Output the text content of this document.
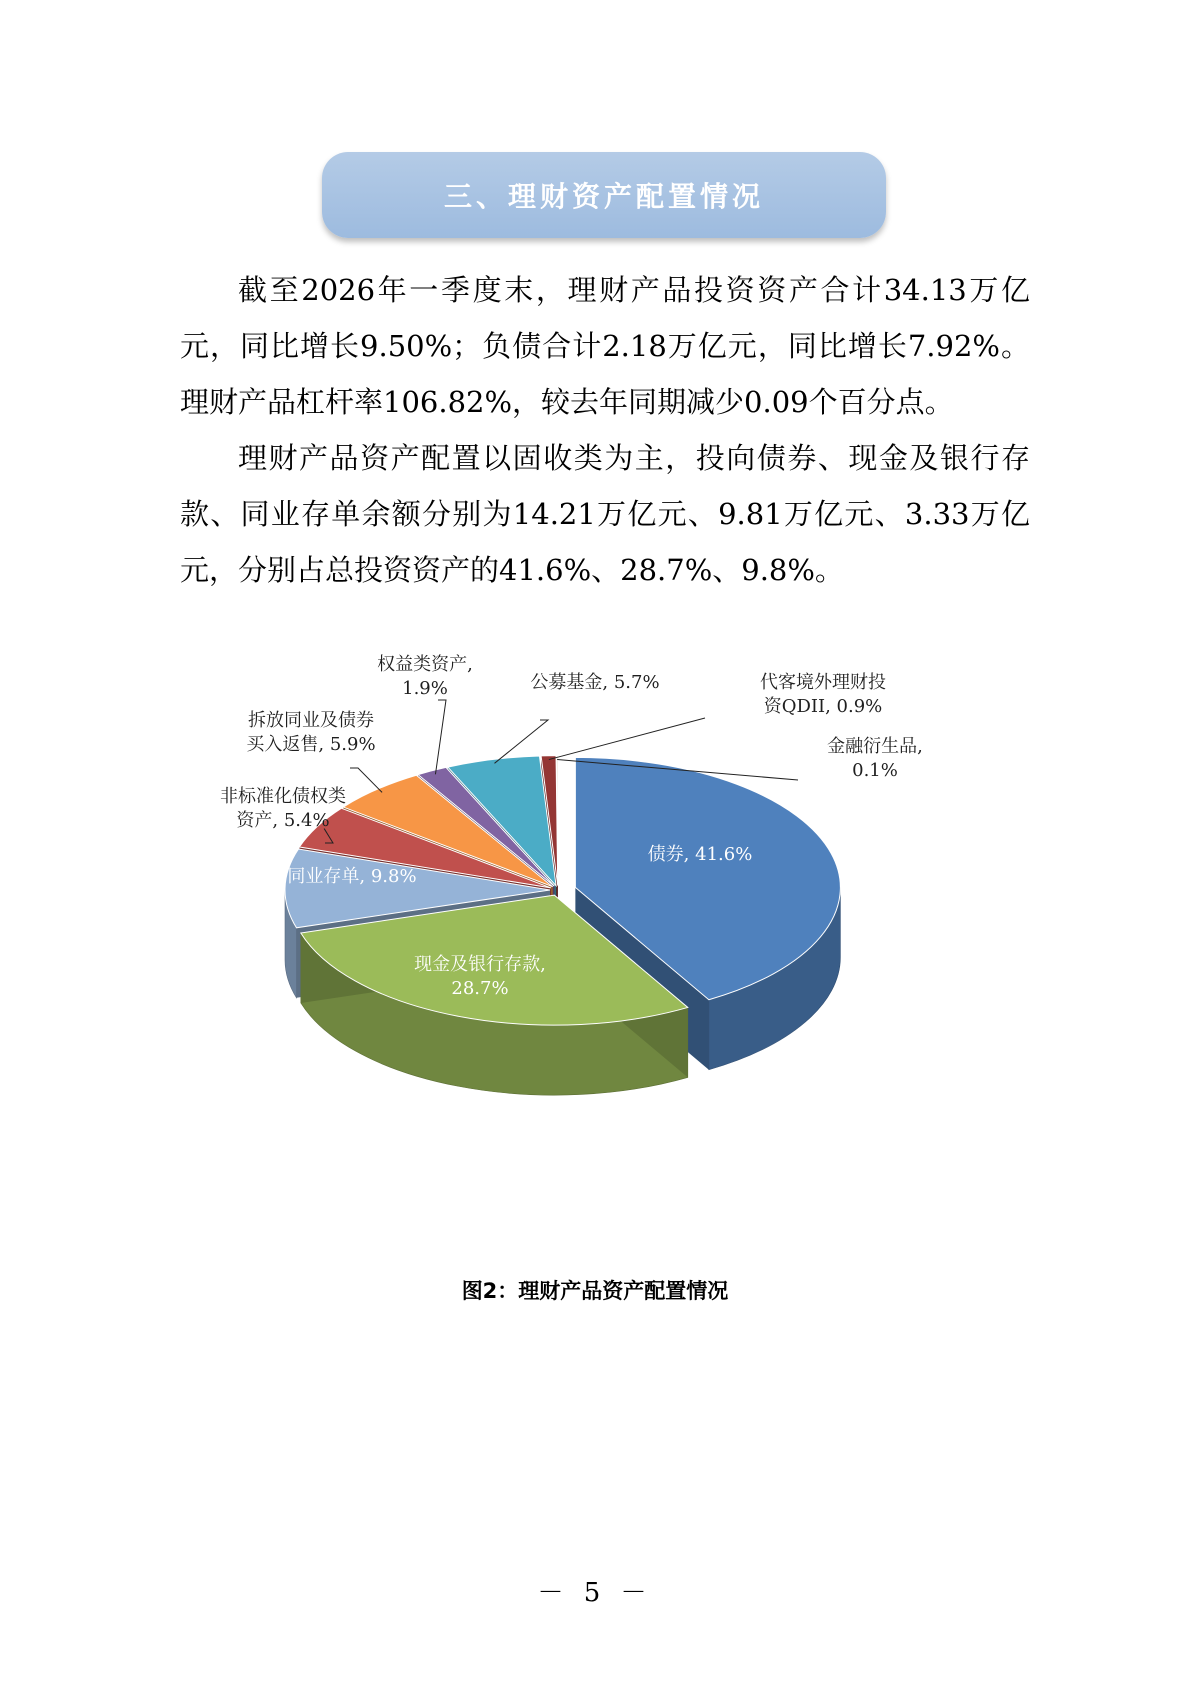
三、理财资产配置情况

截至2026年一季度末，理财产品投资资产合计34.13万亿元，同比增长9.50%；负债合计2.18万亿元，同比增长7.92%。理财产品杠杆率106.82%，较去年同期减少0.09个百分点。

理财产品资产配置以固收类为主，投向债券、现金及银行存款、同业存单余额分别为14.21万亿元、9.81万亿元、3.33万亿元，分别占总投资资产的41.6%、28.7%、9.8%。

债券, 41.6%
现金及银行存款, 28.7%
同业存单, 9.8%
非标准化债权类资产, 5.4%
拆放同业及债券买入返售, 5.9%
权益类资产, 1.9%	公募基金, 5.7%	代客境外理财投资QDII, 0.9%
金融衍生品, 0.1%
图2：理财产品资产配置情况
－ 5 －
